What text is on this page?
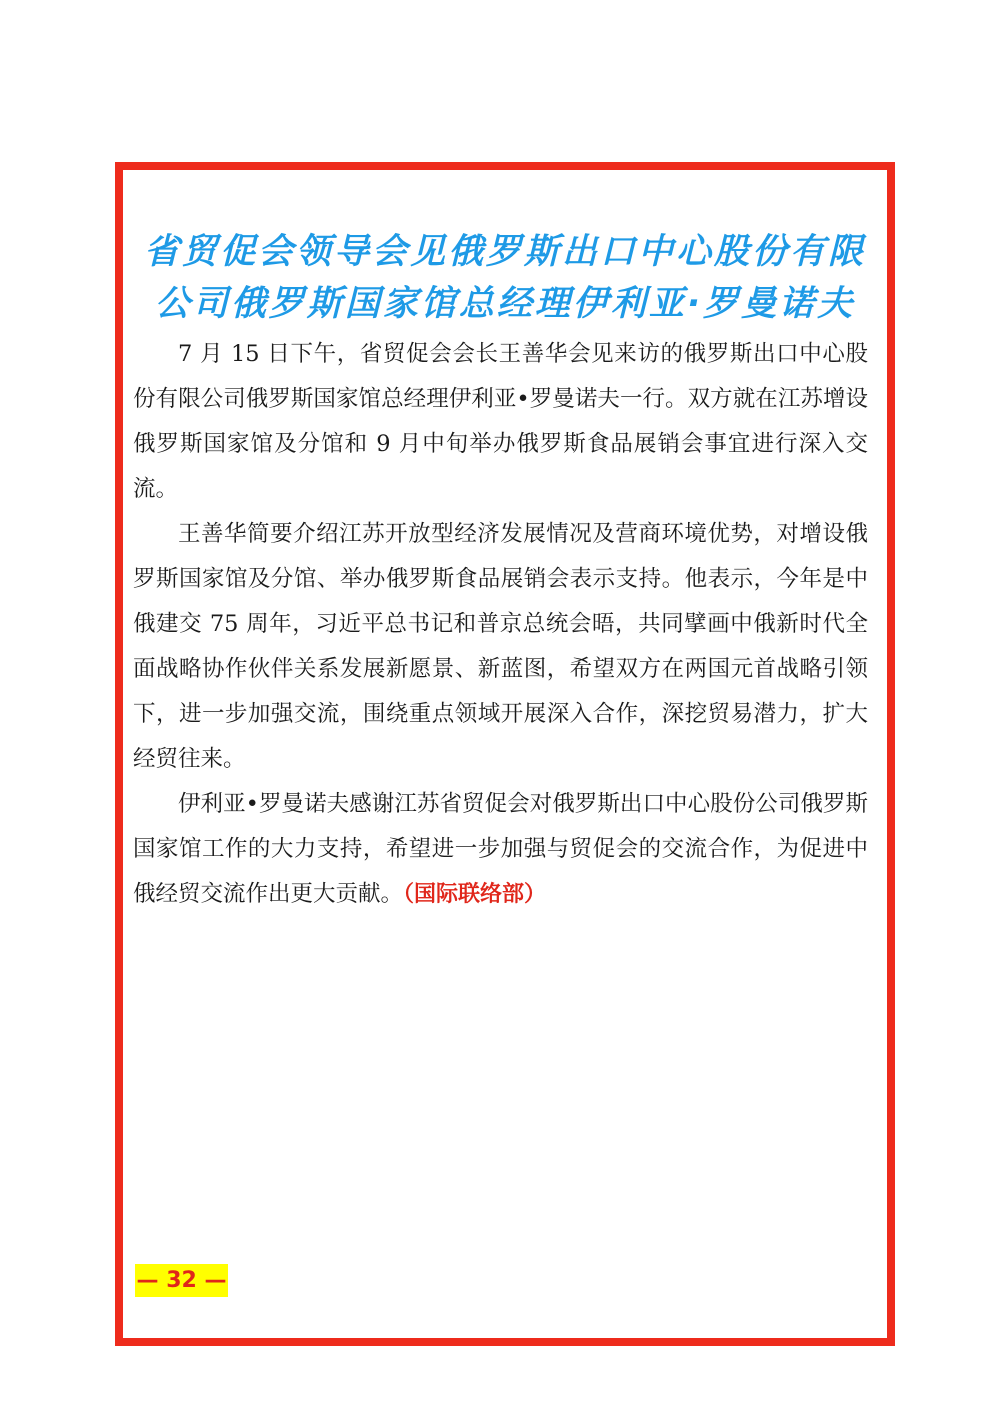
省贸促会领导会见俄罗斯出口中心股份有限
公司俄罗斯国家馆总经理伊利亚·罗曼诺夫

7 月 15 日下午，省贸促会会长王善华会见来访的俄罗斯出口中心股份有限公司俄罗斯国家馆总经理伊利亚•罗曼诺夫一行。双方就在江苏增设俄罗斯国家馆及分馆和 9 月中旬举办俄罗斯食品展销会事宜进行深入交流。

王善华简要介绍江苏开放型经济发展情况及营商环境优势，对增设俄罗斯国家馆及分馆、举办俄罗斯食品展销会表示支持。他表示，今年是中俄建交 75 周年，习近平总书记和普京总统会晤，共同擘画中俄新时代全面战略协作伙伴关系发展新愿景、新蓝图，希望双方在两国元首战略引领下，进一步加强交流，围绕重点领域开展深入合作，深挖贸易潜力，扩大经贸往来。

伊利亚•罗曼诺夫感谢江苏省贸促会对俄罗斯出口中心股份公司俄罗斯国家馆工作的大力支持，希望进一步加强与贸促会的交流合作，为促进中俄经贸交流作出更大贡献。（国际联络部）

— 32 —
